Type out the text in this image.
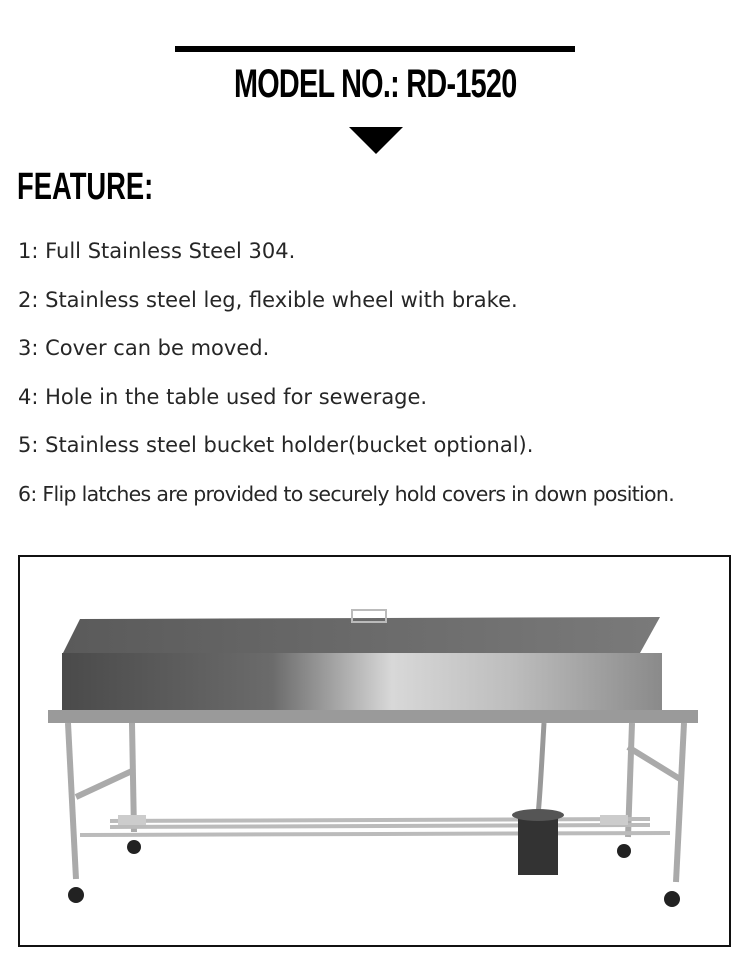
MODEL NO.: RD-1520
FEATURE:
1: Full Stainless Steel 304.
2: Stainless steel leg, flexible wheel with brake.
3: Cover can be moved.
4: Hole in the table used for sewerage.
5: Stainless steel bucket holder(bucket optional).
6: Flip latches are provided to securely hold covers in down position.
